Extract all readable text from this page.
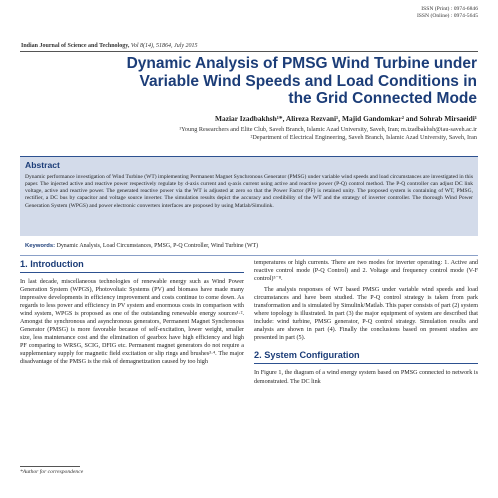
ISSN (Print) : 0974-6846
ISSN (Online) : 0974-5645
Indian Journal of Science and Technology, Vol 8(14), 51864, July 2015
Dynamic Analysis of PMSG Wind Turbine under
Variable Wind Speeds and Load Conditions in
the Grid Connected Mode
Maziar Izadbakhsh¹*, Alireza Rezvani¹, Majid Gandomkar² and Sohrab Mirsaeidi¹
¹Young Researchers and Elite Club, Saveh Branch, Islamic Azad University, Saveh, Iran; m.izadbakhsh@iau-saveh.ac.ir
²Department of Electrical Engineering, Saveh Branch, Islamic Azad University, Saveh, Iran
Abstract
Dynamic performance investigation of Wind Turbine (WT) implementing Permanent Magnet Synchronous Generator (PMSG) under variable wind speeds and load circumstances are investigated in this paper. The injected active and reactive power respectively regulate by d-axis current and q-axis current using active and reactive power (P-Q) control method. The P-Q controller can adjust DC link voltage, active and reactive power. The generated reactive power via the WT is adjusted at zero so that the Power Factor (PF) is retained unity. The proposed system is containing of WT, PMSG, rectifier, a DC bus by capacitor and voltage source inverter. The simulation results depict the accuracy and credibility of the WT and the strategy of inverter controller. The thorough Wind Power Generation System (WPGS) and power electronic converters interfaces are proposed by using Matlab/Simulink.
Keywords: Dynamic Analysis, Load Circumstances, PMSG, P-Q Controller, Wind Turbine (WT)
1. Introduction

In last decade, miscellaneous technologies of renewable energy such as Wind Power Generation System (WPGS), Photovoltaic Systems (PV) and biomass have made many impressive developments in efficiency improvement and costs continue to come down. As regards to less power and efficiency in PV system and enormous costs in comparison with wind system, WPGS is proposed as one of the outstanding renewable energy sources¹·². Amongst the synchronous and asynchronous generators, Permanent Magnet Synchronous Generator (PMSG) is more favorable because of self-excitation, lower weight, smaller size, less maintenance cost and the elimination of gearbox have high efficiency and high PF comparing to WRSG, SCIG, DFIG etc. Permanent magnet generators do not require a supplementary supply for magnetic field excitation or slip rings and brushes³·⁴. The major disadvantage of the PMSG is the risk of demagnetization caused by too high

temperatures or high currents. There are two modes for inverter operating: 1. Active and reactive control mode (P-Q Control) and 2. Voltage and frequency control mode (V-F control)⁵⁻⁸.

The analysis responses of WT based PMSG under variable wind speeds and load circumstances and have been studied. The P-Q control strategy is taken from park transformation and is simulated by Simulink/Matlab. This paper consists of part (2) system where topology is illustrated. In part (3) the major equipment of system are described that include: wind turbine, PMSG generator, P-Q control strategy. Simulation results and analysis are shown in part (4). Finally the conclusions based on present studies are presented in part (5).

2. System Configuration

In Figure 1, the diagram of a wind energy system based on PMSG connected to network is demonstrated. The DC link

*Author for correspondence
